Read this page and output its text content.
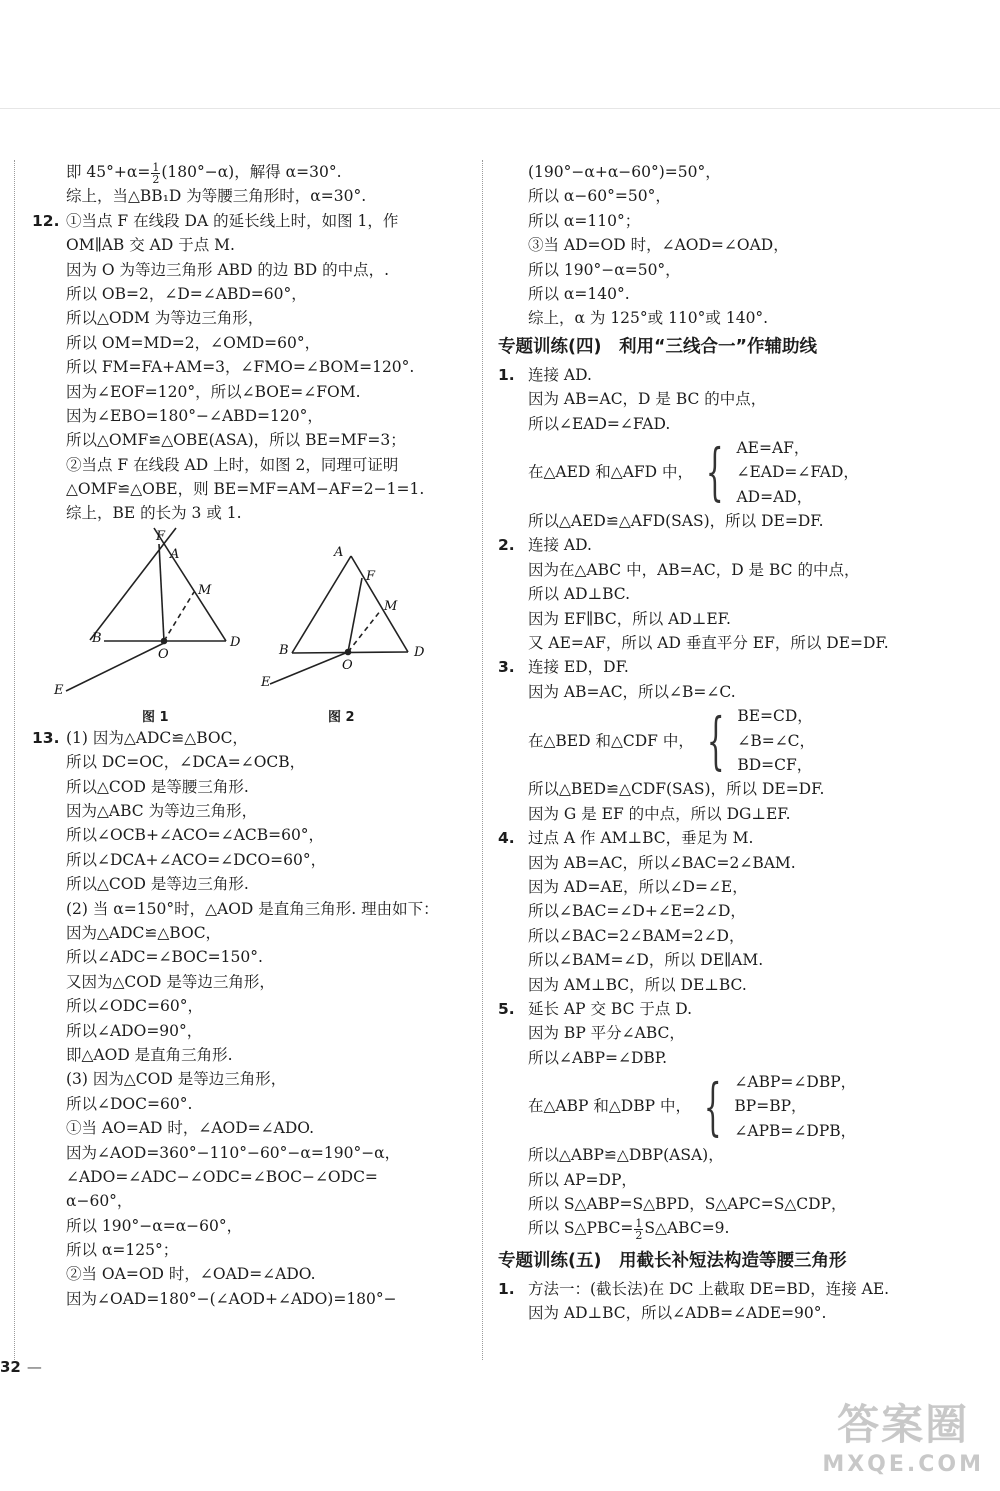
即 $45^\circ+\alpha= \frac{1}{2} (180^\circ-\alpha)$，解得 α=30°.
综上，当△BB₁D 为等腰三角形时，α=30°.
12. ①当点 F 在线段 DA 的延长线上时，如图 1，作
OM∥AB 交 AD 于点 M.
因为 O 为等边三角形 ABD 的边 BD 的中点，.
所以 OB=2，∠D=∠ABD=60°，
所以△ODM 为等边三角形，
所以 OM=MD=2，∠OMD=60°，
所以 FM=FA+AM=3，∠FMO=∠BOM=120°.
因为∠EOF=120°，所以∠BOE=∠FOM.
因为∠EBO=180°−∠ABD=120°，
所以△OMF≌△OBE(ASA)，所以 BE=MF=3；
②当点 F 在线段 AD 上时，如图 2，同理可证明
△OMF≌△OBE，则 BE=MF=AM−AF=2−1=1.
综上，BE 的长为 3 或 1.
F
A
M
B
O
D
E
A
F
M
B
O
D
E
图 1	图 2
13. (1) 因为△ADC≌△BOC，
所以 DC=OC，∠DCA=∠OCB，
所以△COD 是等腰三角形.
因为△ABC 为等边三角形，
所以∠OCB+∠ACO=∠ACB=60°，
所以∠DCA+∠ACO=∠DCO=60°，
所以△COD 是等边三角形.
(2) 当 α=150°时，△AOD 是直角三角形. 理由如下：
因为△ADC≌△BOC，
所以∠ADC=∠BOC=150°.
又因为△COD 是等边三角形，
所以∠ODC=60°，
所以∠ADO=90°，
即△AOD 是直角三角形.
(3) 因为△COD 是等边三角形，
所以∠DOC=60°.
①当 AO=AD 时，∠AOD=∠ADO.
因为∠AOD=360°−110°−60°−α=190°−α，
∠ADO=∠ADC−∠ODC=∠BOC−∠ODC=
α−60°，
所以 190°−α=α−60°，
所以 α=125°；
②当 OA=OD 时，∠OAD=∠ADO.
因为∠OAD=180°−(∠AOD+∠ADO)=180°−
(190°−α+α−60°)=50°，
所以 α−60°=50°，
所以 α=110°；
③当 AD=OD 时，∠AOD=∠OAD，
所以 190°−α=50°，
所以 α=140°.
综上，α 为 125°或 110°或 140°.
专题训练(四)　利用“三线合一”作辅助线
1. 连接 AD.
因为 AB=AC，D 是 BC 的中点，
所以∠EAD=∠FAD.
在△AED 和△AFD 中， { AE=AF，
∠EAD=∠FAD，
AD=AD，
所以△AED≌△AFD(SAS)，所以 DE=DF.
2. 连接 AD.
因为在△ABC 中，AB=AC，D 是 BC 的中点，
所以 AD⊥BC.
因为 EF∥BC，所以 AD⊥EF.
又 AE=AF，所以 AD 垂直平分 EF，所以 DE=DF.
3. 连接 ED，DF.
因为 AB=AC，所以∠B=∠C.
在△BED 和△CDF 中， { BE=CD，
∠B=∠C，
BD=CF，
所以△BED≌△CDF(SAS)，所以 DE=DF.
因为 G 是 EF 的中点，所以 DG⊥EF.
4. 过点 A 作 AM⊥BC，垂足为 M.
因为 AB=AC，所以∠BAC=2∠BAM.
因为 AD=AE，所以∠D=∠E，
所以∠BAC=∠D+∠E=2∠D，
所以∠BAC=2∠BAM=2∠D，
所以∠BAM=∠D，所以 DE∥AM.
因为 AM⊥BC，所以 DE⊥BC.
5. 延长 AP 交 BC 于点 D.
因为 BP 平分∠ABC，
所以∠ABP=∠DBP.
在△ABP 和△DBP 中， { ∠ABP=∠DBP，
BP=BP，
∠APB=∠DPB，
所以△ABP≌△DBP(ASA)，
所以 AP=DP，
所以 S△ABP=S△BPD，S△APC=S△CDP，
所以 S△PBC= $\frac{1}{2}$ S△ABC=9.
专题训练(五)　用截长补短法构造等腰三角形
1. 方法一：(截长法)在 DC 上截取 DE=BD，连接 AE.
因为 AD⊥BC，所以∠ADB=∠ADE=90°.
32 —
答案圈
MXQE.COM
